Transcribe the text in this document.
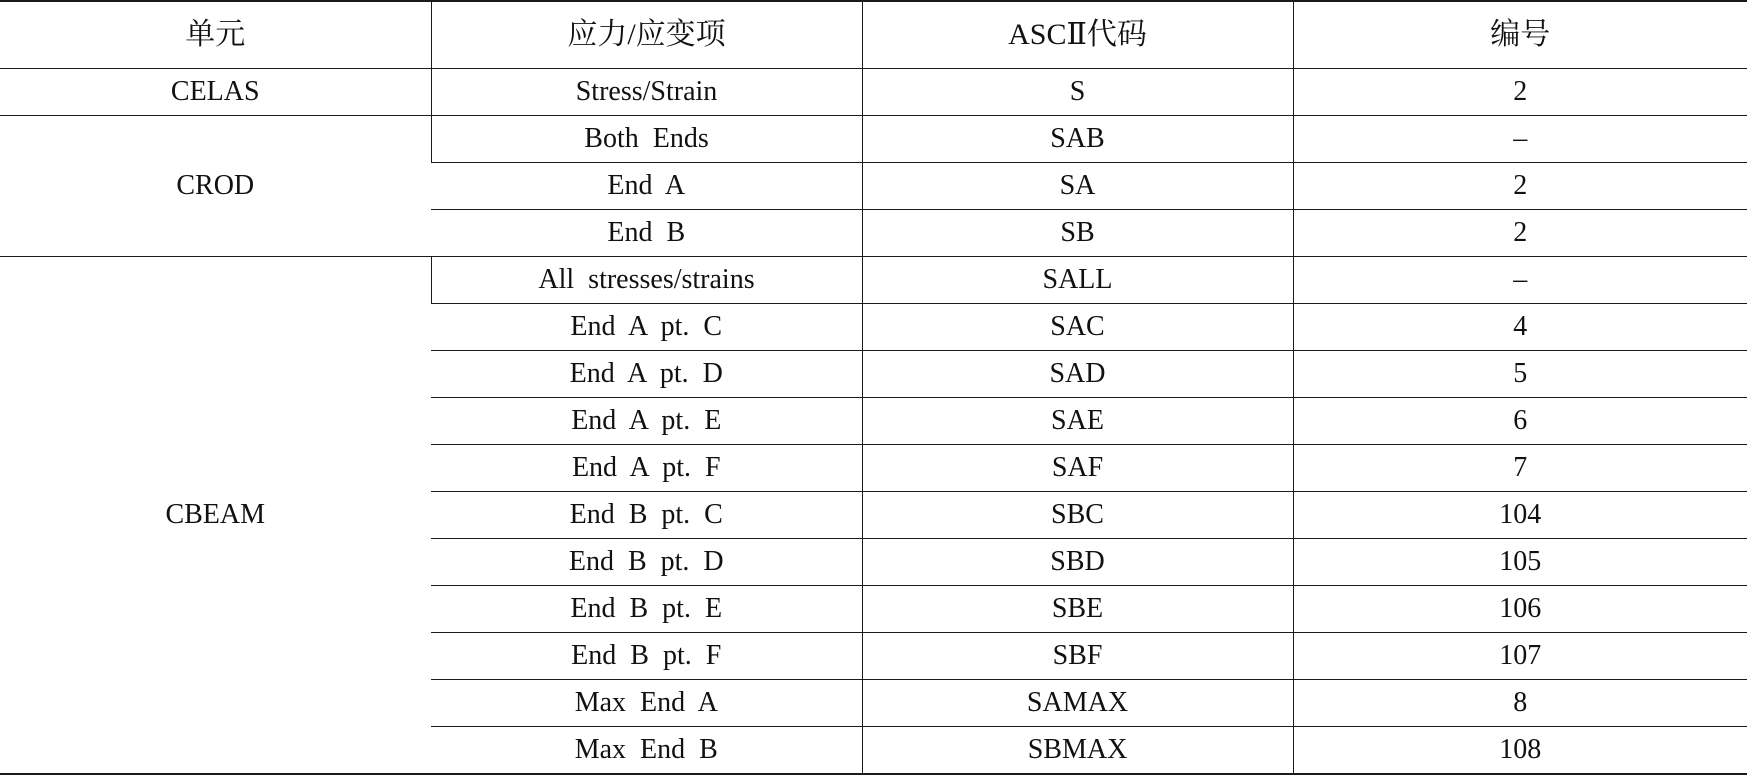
单元	应力/应变项	ASCⅡ代码	编号
CELAS	Stress/Strain	S	2
CROD	Both  Ends	SAB	–
	End  A	SA	2
	End  B	SB	2
CBEAM	All  stresses/strains	SALL	–
	End  A  pt.  C	SAC	4
	End  A  pt.  D	SAD	5
	End  A  pt.  E	SAE	6
	End  A  pt.  F	SAF	7
	End  B  pt.  C	SBC	104
	End  B  pt.  D	SBD	105
	End  B  pt.  E	SBE	106
	End  B  pt.  F	SBF	107
	Max  End  A	SAMAX	8
	Max  End  B	SBMAX	108
